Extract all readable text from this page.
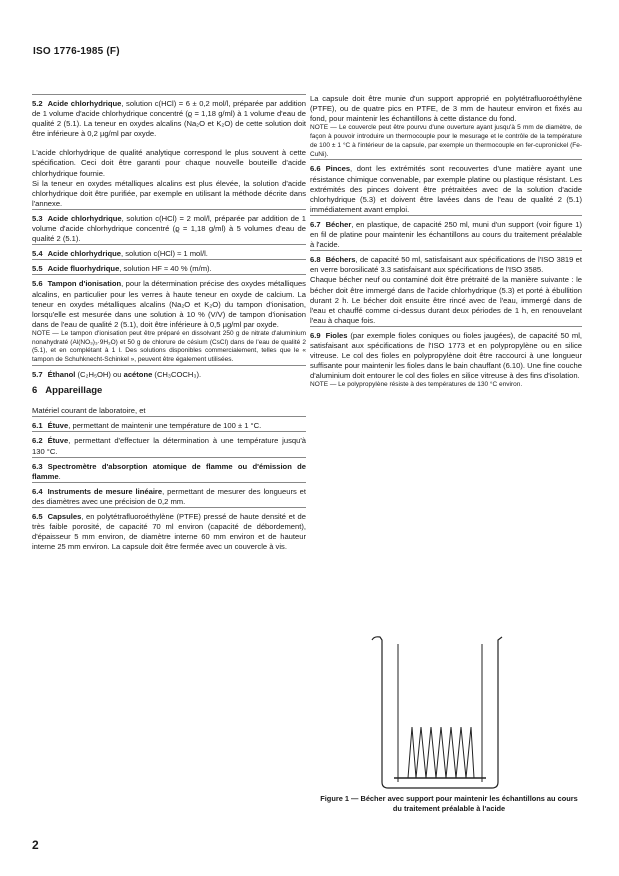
ISO 1776-1985 (F)

5.2 Acide chlorhydrique, solution c(HCl) = 6 ± 0,2 mol/l, préparée par addition de 1 volume d'acide chlorhydrique concentré (ϱ = 1,18 g/ml) à 1 volume d'eau de qualité 2 (5.1). La teneur en oxydes alcalins (Na₂O et K₂O) de cette solution doit être inférieure à 0,2 µg/ml par oxyde.

L'acide chlorhydrique de qualité analytique correspond le plus souvent à cette spécification. Ceci doit être garanti pour chaque nouvelle bouteille d'acide chlorhydrique fournie.

Si la teneur en oxydes métalliques alcalins est plus élevée, la solution d'acide chlorhydrique doit être purifiée, par exemple en utilisant la méthode décrite dans l'annexe.

5.3 Acide chlorhydrique, solution c(HCl) = 2 mol/l, préparée par addition de 1 volume d'acide chlorhydrique concentré (ϱ = 1,18 g/ml) à 5 volumes d'eau de qualité 2 (5.1).

5.4 Acide chlorhydrique, solution c(HCl) ≈ 1 mol/l.

5.5 Acide fluorhydrique, solution HF ≈ 40 % (m/m).

5.6 Tampon d'ionisation, pour la détermination précise des oxydes métalliques alcalins, en particulier pour les verres à haute teneur en oxyde de calcium. La teneur en oxydes métalliques alcalins (Na₂O et K₂O) du tampon d'ionisation, lorsqu'elle est mesurée dans une solution à 10 % (V/V) de tampon d'ionisation dans de l'eau de qualité 2 (5.1), doit être inférieure à 0,5 µg/ml par oxyde.

NOTE — Le tampon d'ionisation peut être préparé en dissolvant 250 g de nitrate d'aluminium nonahydraté (Al(NO₃)₃·9H₂O) et 50 g de chlorure de césium (CsCl) dans de l'eau de qualité 2 (5.1), et en complétant à 1 l. Des solutions disponibles commercialement, telles que le « tampon de Schuhknecht-Schinkel », peuvent être également utilisées.

5.7 Éthanol (C₂H₅OH) ou acétone (CH₃COCH₃).

6 Appareillage

Matériel courant de laboratoire, et

6.1 Étuve, permettant de maintenir une température de 100 ± 1 °C.

6.2 Étuve, permettant d'effectuer la détermination à une température jusqu'à 130 °C.

6.3 Spectromètre d'absorption atomique de flamme ou d'émission de flamme.

6.4 Instruments de mesure linéaire, permettant de mesurer des longueurs et des diamètres avec une précision de 0,2 mm.

6.5 Capsules, en polytétrafluoroéthylène (PTFE) pressé de haute densité et de très faible porosité, de capacité 70 ml environ (capacité de débordement), d'épaisseur 5 mm environ, de diamètre interne 60 mm environ et de hauteur interne 25 mm environ. La capsule doit être fermée avec un couvercle à vis.

La capsule doit être munie d'un support approprié en polytétrafluoroéthylène (PTFE), ou de quatre pics en PTFE, de 3 mm de hauteur environ et fixés au fond, pour maintenir les échantillons à cette distance du fond.

NOTE — Le couvercle peut être pourvu d'une ouverture ayant jusqu'à 5 mm de diamètre, de façon à pouvoir introduire un thermocouple pour le mesurage et le contrôle de la température de 100 ± 1 °C à l'intérieur de la capsule, par exemple un thermocouple en fer-cupronickel (Fe-CuNi).

6.6 Pinces, dont les extrémités sont recouvertes d'une matière ayant une résistance chimique convenable, par exemple platine ou plastique résistant. Les extrémités des pinces doivent être prétraitées avec de la solution d'acide chlorhydrique (5.3) et doivent être lavées dans de l'eau de qualité 2 (5.1) immédiatement avant emploi.

6.7 Bécher, en plastique, de capacité 250 ml, muni d'un support (voir figure 1) en fil de platine pour maintenir les échantillons au cours du traitement préalable à l'acide.

6.8 Béchers, de capacité 50 ml, satisfaisant aux spécifications de l'ISO 3819 et en verre borosilicaté 3.3 satisfaisant aux spécifications de l'ISO 3585.

Chaque bécher neuf ou contaminé doit être prétraité de la manière suivante : le bécher doit être immergé dans de l'acide chlorhydrique (5.3) et porté à ébullition durant 2 h. Le bécher doit ensuite être rincé avec de l'eau, immergé dans de l'eau et chauffé comme ci-dessus durant deux périodes de 1 h, en renouvelant l'eau à chaque fois.

6.9 Fioles (par exemple fioles coniques ou fioles jaugées), de capacité 50 ml, satisfaisant aux spécifications de l'ISO 1773 et en polypropylène ou en silice vitreuse. Le col des fioles en polypropylène doit être raccourci à une longueur suffisante pour maintenir les fioles dans le bain chauffant (6.10). Une fine couche d'aluminium doit entourer le col des fioles en silice vitreuse à des fins d'isolation.

NOTE — Le polypropylène résiste à des températures de 130 °C environ.

Figure 1 — Bécher avec support pour maintenir les échantillons au cours du traitement préalable à l'acide
2
